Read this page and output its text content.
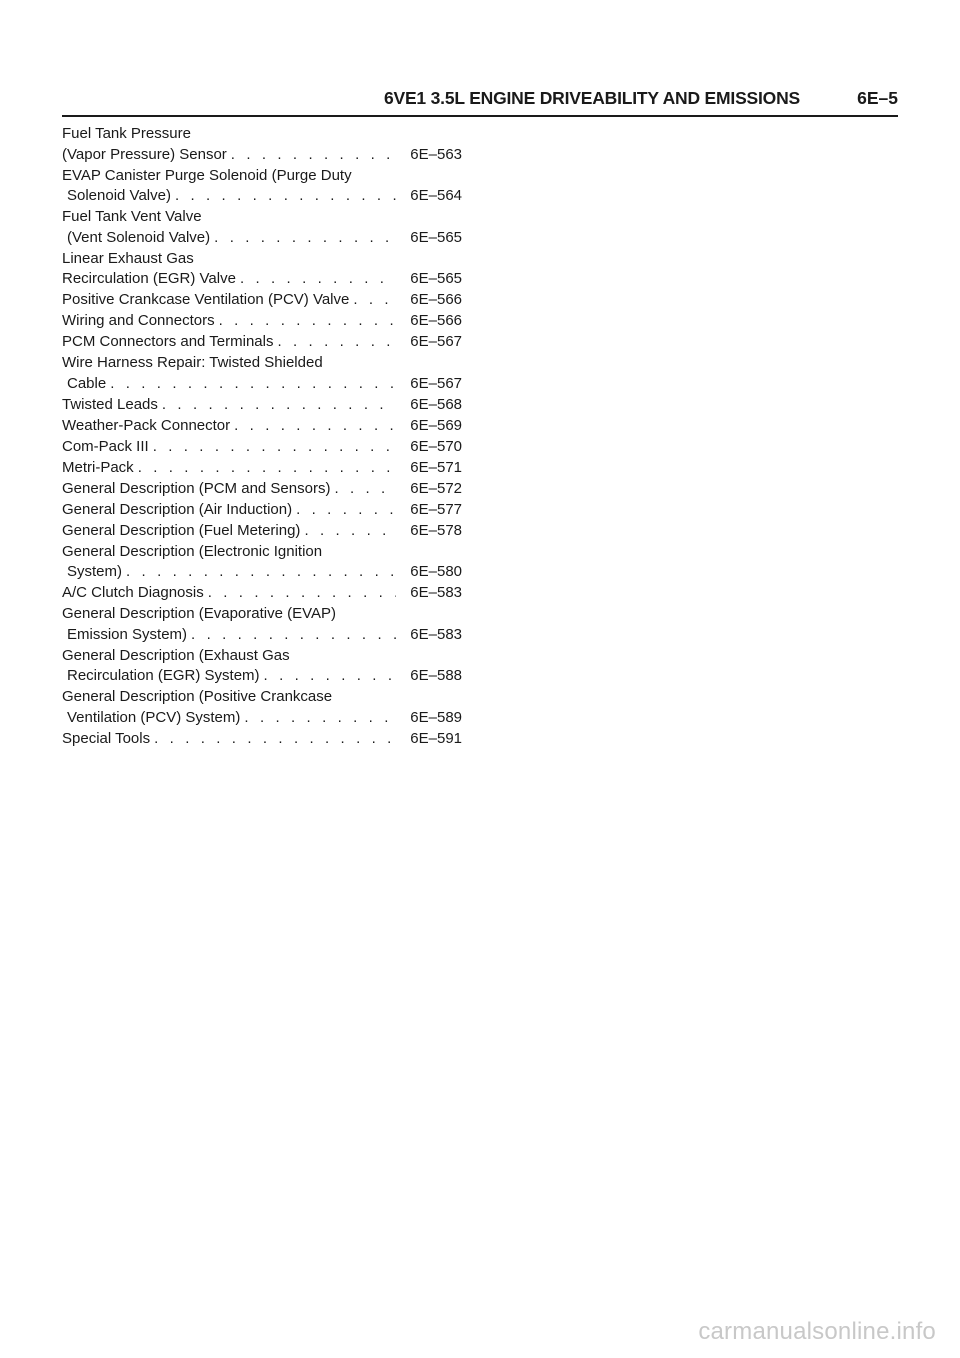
6VE1 3.5L ENGINE DRIVEABILITY AND EMISSIONS	6E–5
Fuel Tank Pressure
(Vapor Pressure) Sensor . . .	6E–563
EVAP Canister Purge Solenoid (Purge Duty
Solenoid Valve) . . .	6E–564
Fuel Tank Vent Valve
(Vent Solenoid Valve) . . .	6E–565
Linear Exhaust Gas
Recirculation (EGR) Valve . . .	6E–565
Positive Crankcase Ventilation (PCV) Valve . . .	6E–566
Wiring and Connectors . . .	6E–566
PCM Connectors and Terminals . . .	6E–567
Wire Harness Repair: Twisted Shielded
Cable . . .	6E–567
Twisted Leads . . .	6E–568
Weather-Pack Connector . . .	6E–569
Com-Pack III . . .	6E–570
Metri-Pack . . .	6E–571
General Description (PCM and Sensors) . . .	6E–572
General Description (Air Induction) . . .	6E–577
General Description (Fuel Metering) . . .	6E–578
General Description (Electronic Ignition
System) . . .	6E–580
A/C Clutch Diagnosis . . .	6E–583
General Description (Evaporative (EVAP)
Emission System) . . .	6E–583
General Description (Exhaust Gas
Recirculation (EGR) System) . . .	6E–588
General Description (Positive Crankcase
Ventilation (PCV) System) . . .	6E–589
Special Tools . . .	6E–591
carmanualsonline.info
